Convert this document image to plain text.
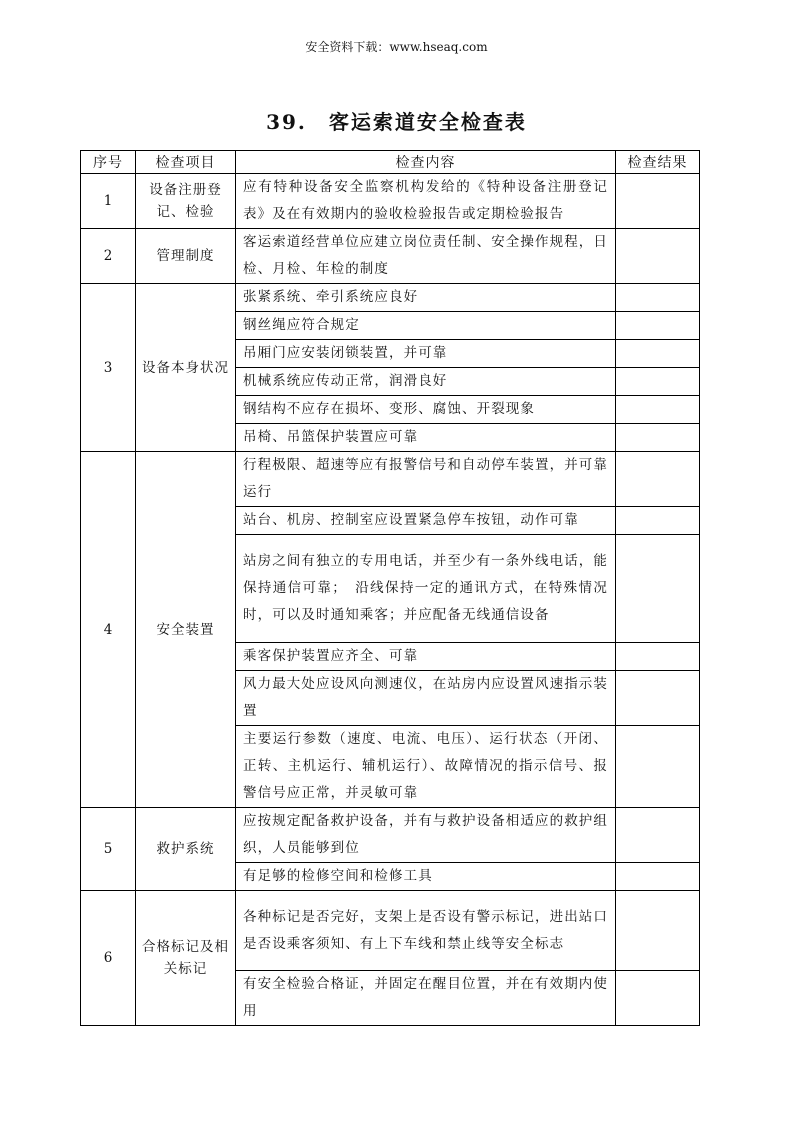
安全资料下载：www.hseaq.com
39. 客运索道安全检查表
序号	检查项目	检查内容	检查结果
1	设备注册登记、检验	应有特种设备安全监察机构发给的《特种设备注册登记表》及在有效期内的验收检验报告或定期检验报告	
2	管理制度	客运索道经营单位应建立岗位责任制、安全操作规程，日检、月检、年检的制度	
3	设备本身状况	张紧系统、牵引系统应良好	
		钢丝绳应符合规定	
		吊厢门应安装闭锁装置，并可靠	
		机械系统应传动正常，润滑良好	
		钢结构不应存在损坏、变形、腐蚀、开裂现象	
		吊椅、吊篮保护装置应可靠	
4	安全装置	行程极限、超速等应有报警信号和自动停车装置，并可靠运行	
		站台、机房、控制室应设置紧急停车按钮，动作可靠	
		站房之间有独立的专用电话，并至少有一条外线电话，能保持通信可靠；　沿线保持一定的通讯方式，在特殊情况时，可以及时通知乘客；并应配备无线通信设备	
		乘客保护装置应齐全、可靠	
		风力最大处应设风向测速仪，在站房内应设置风速指示装置	
		主要运行参数（速度、电流、电压）、运行状态（开闭、正转、主机运行、辅机运行）、故障情况的指示信号、报警信号应正常，并灵敏可靠	
5	救护系统	应按规定配备救护设备，并有与救护设备相适应的救护组织，人员能够到位	
		有足够的检修空间和检修工具	
6	合格标记及相关标记	各种标记是否完好，支架上是否设有警示标记，进出站口是否设乘客须知、有上下车线和禁止线等安全标志	
		有安全检验合格证，并固定在醒目位置，并在有效期内使用	
